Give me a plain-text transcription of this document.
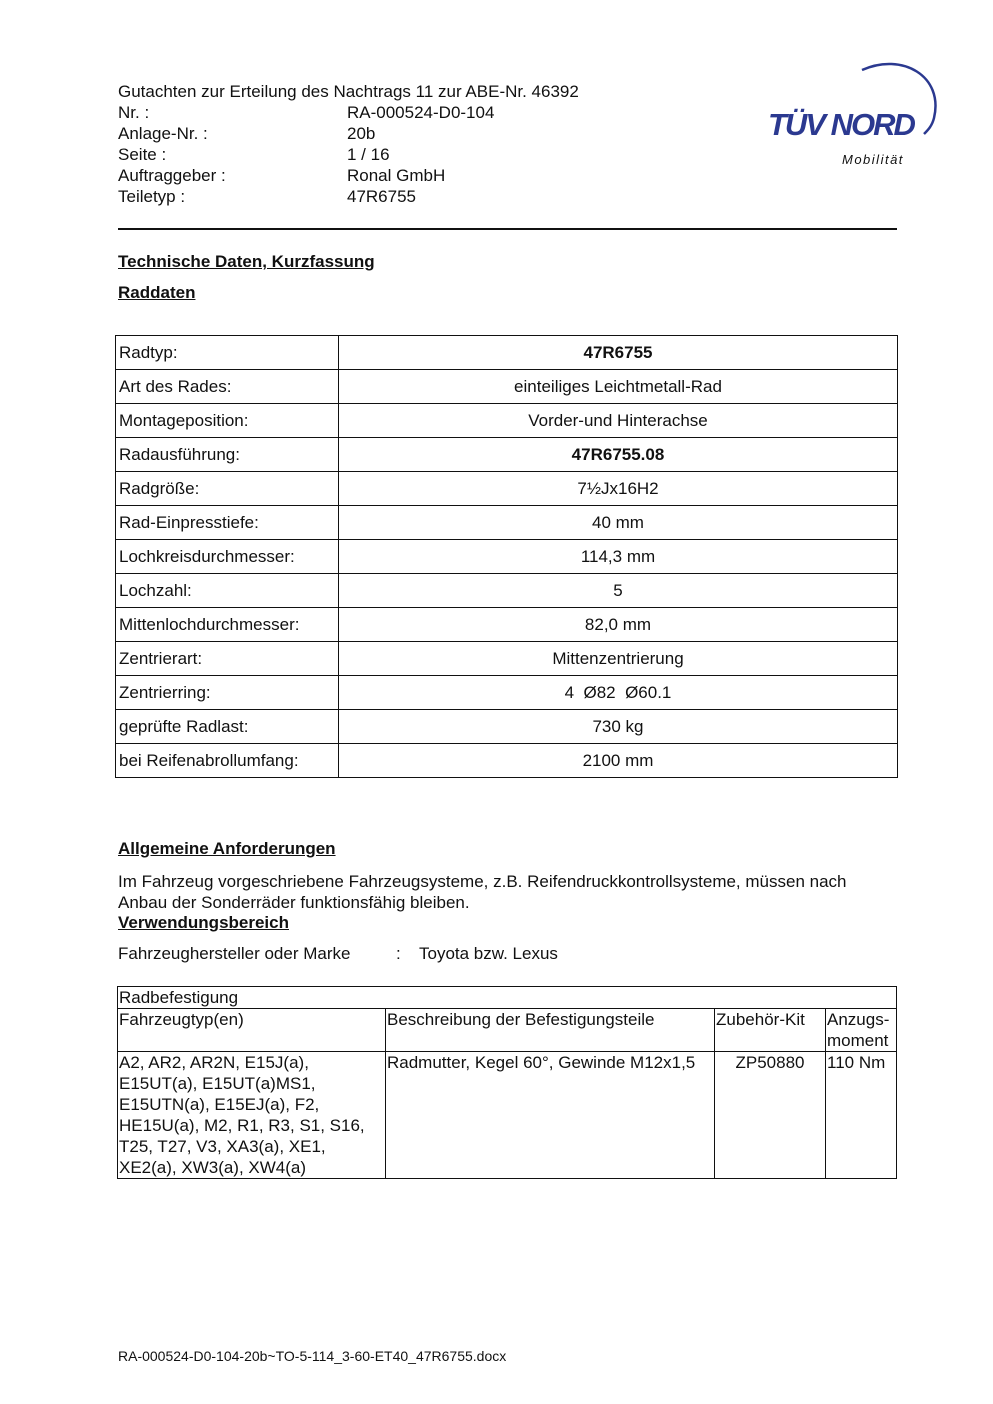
Gutachten zur Erteilung des Nachtrags 11 zur ABE-Nr. 46392
Nr. :	RA-000524-D0-104
Anlage-Nr. :	20b
Seite :	1 / 16
Auftraggeber :	Ronal GmbH
Teiletyp :	47R6755
TÜV NORD
Mobilität
Technische Daten, Kurzfassung
Raddaten
Radtyp:	47R6755
Art des Rades:	einteiliges Leichtmetall-Rad
Montageposition:	Vorder-und Hinterachse
Radausführung:	47R6755.08
Radgröße:	7½Jx16H2
Rad-Einpresstiefe:	40 mm
Lochkreisdurchmesser:	114,3 mm
Lochzahl:	5
Mittenlochdurchmesser:	82,0 mm
Zentrierart:	Mittenzentrierung
Zentrierring:	4  Ø82  Ø60.1
geprüfte Radlast:	730 kg
bei Reifenabrollumfang:	2100 mm
Allgemeine Anforderungen
Im Fahrzeug vorgeschriebene Fahrzeugsysteme, z.B. Reifendruckkontrollsysteme, müssen nach Anbau der Sonderräder funktionsfähig bleiben.
Verwendungsbereich
Fahrzeughersteller oder Marke	:	Toyota bzw. Lexus
Radbefestigung			
Fahrzeugtyp(en)	Beschreibung der Befestigungsteile	Zubehör-Kit	Anzugs-moment
A2, AR2, AR2N, E15J(a), E15UT(a), E15UT(a)MS1, E15UTN(a), E15EJ(a), F2, HE15U(a), M2, R1, R3, S1, S16, T25, T27, V3, XA3(a), XE1, XE2(a), XW3(a), XW4(a)	Radmutter, Kegel 60°, Gewinde M12x1,5	ZP50880	110 Nm
RA-000524-D0-104-20b~TO-5-114_3-60-ET40_47R6755.docx
